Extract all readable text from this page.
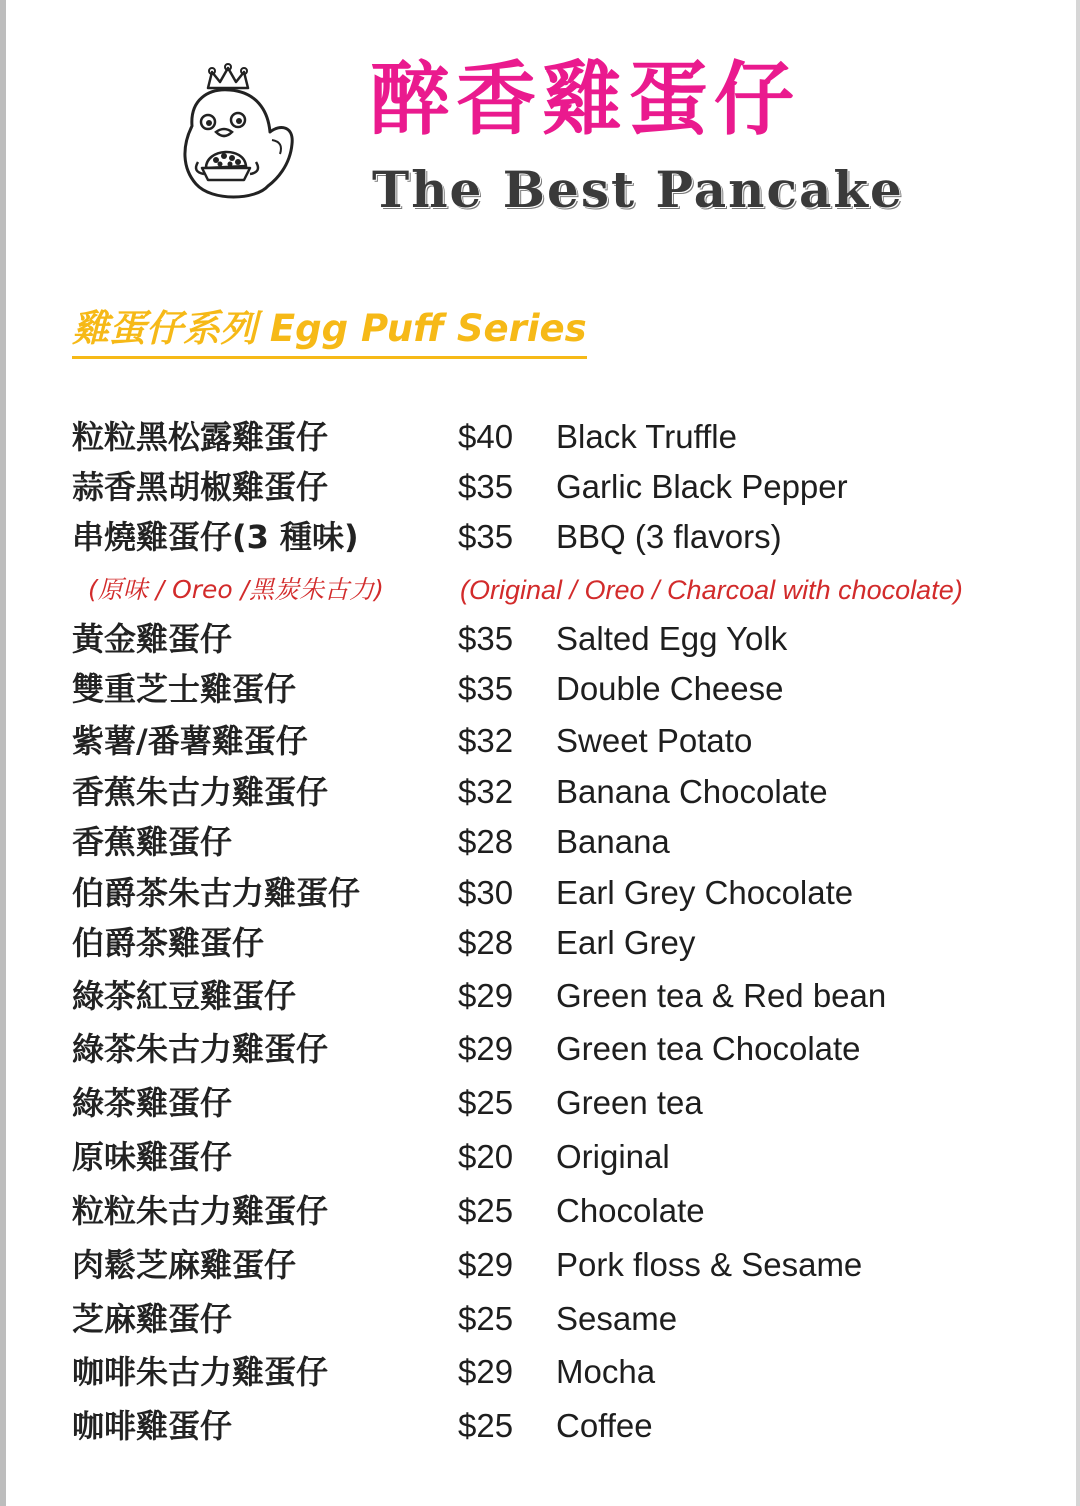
醉香雞蛋仔
The Best Pancake
雞蛋仔系列 Egg Puff Series
粒粒黑松露雞蛋仔	$40 Black Truffle
蒜香黑胡椒雞蛋仔	$35 Garlic Black Pepper
串燒雞蛋仔(3 種味)	$35 BBQ (3 flavors)
(原味 / Oreo /黑炭朱古力)	(Original / Oreo / Charcoal with chocolate)
黃金雞蛋仔	$35 Salted Egg Yolk
雙重芝士雞蛋仔	$35 Double Cheese
紫薯/番薯雞蛋仔	$32 Sweet Potato
香蕉朱古力雞蛋仔	$32 Banana Chocolate
香蕉雞蛋仔	$28 Banana
伯爵茶朱古力雞蛋仔	$30 Earl Grey Chocolate
伯爵茶雞蛋仔	$28 Earl Grey
綠茶紅豆雞蛋仔	$29 Green tea & Red bean
綠茶朱古力雞蛋仔	$29 Green tea Chocolate
綠茶雞蛋仔	$25 Green tea
原味雞蛋仔	$20 Original
粒粒朱古力雞蛋仔	$25 Chocolate
肉鬆芝麻雞蛋仔	$29 Pork floss & Sesame
芝麻雞蛋仔	$25 Sesame
咖啡朱古力雞蛋仔	$29 Mocha
咖啡雞蛋仔	$25 Coffee
